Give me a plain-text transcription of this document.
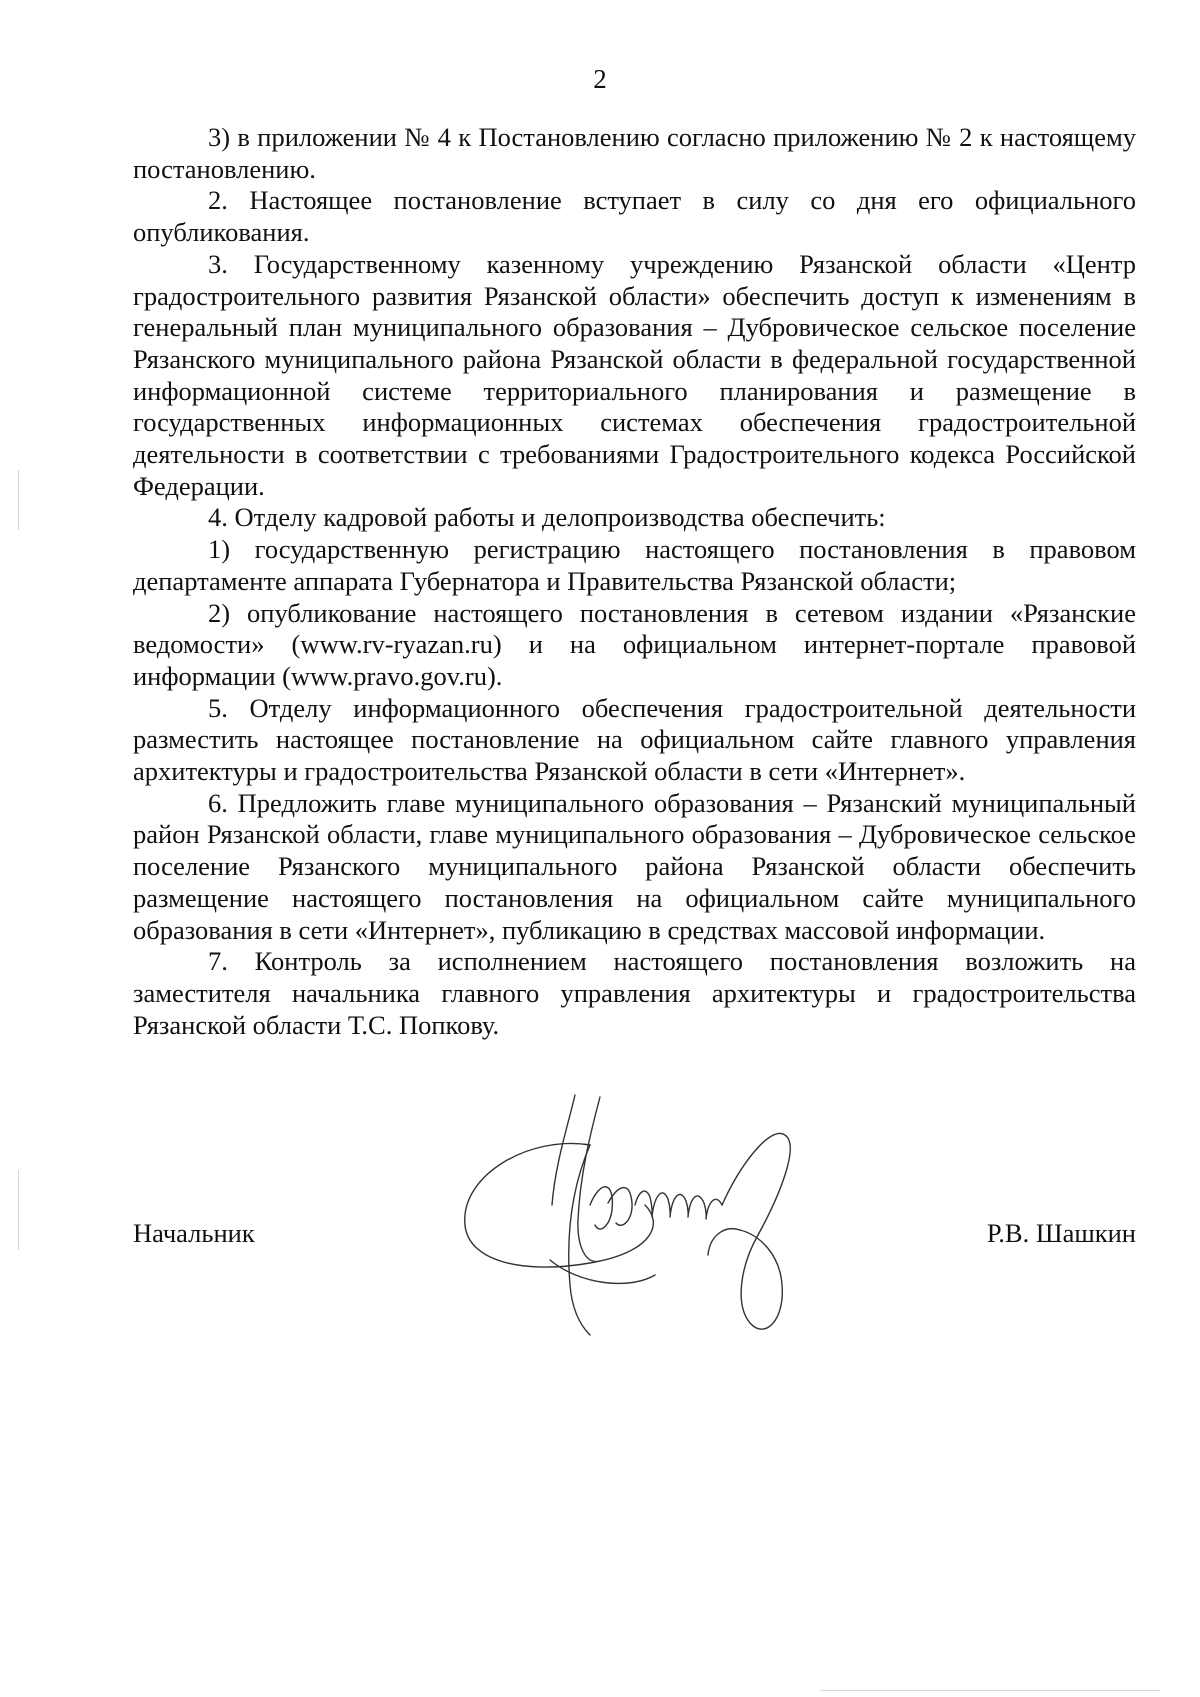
2

3) в приложении № 4 к Постановлению согласно приложению № 2 к настоящему постановлению.

2. Настоящее постановление вступает в силу со дня его официального опубликования.

3. Государственному казенному учреждению Рязанской области «Центр градостроительного развития Рязанской области» обеспечить доступ к изменениям в генеральный план муниципального образования – Дубровическое сельское поселение Рязанского муниципального района Рязанской области в федеральной государственной информационной системе территориального планирования и размещение в государственных информационных системах обеспечения градостроительной деятельности в соответствии с требованиями Градостроительного кодекса Российской Федерации.

4. Отделу кадровой работы и делопроизводства обеспечить:

1) государственную регистрацию настоящего постановления в правовом департаменте аппарата Губернатора и Правительства Рязанской области;

2) опубликование настоящего постановления в сетевом издании «Рязанские ведомости» (www.rv-ryazan.ru) и на официальном интернет-портале правовой информации (www.pravo.gov.ru).

5. Отделу информационного обеспечения градостроительной деятельности разместить настоящее постановление на официальном сайте главного управления архитектуры и градостроительства Рязанской области в сети «Интернет».

6. Предложить главе муниципального образования – Рязанский муниципальный район Рязанской области, главе муниципального образования – Дубровическое сельское поселение Рязанского муниципального района Рязанской области обеспечить размещение настоящего постановления на официальном сайте муниципального образования в сети «Интернет», публикацию в средствах массовой информации.

7. Контроль за исполнением настоящего постановления возложить на заместителя начальника главного управления архитектуры и градостроительства Рязанской области Т.С. Попкову.

Начальник	Р.В. Шашкин
